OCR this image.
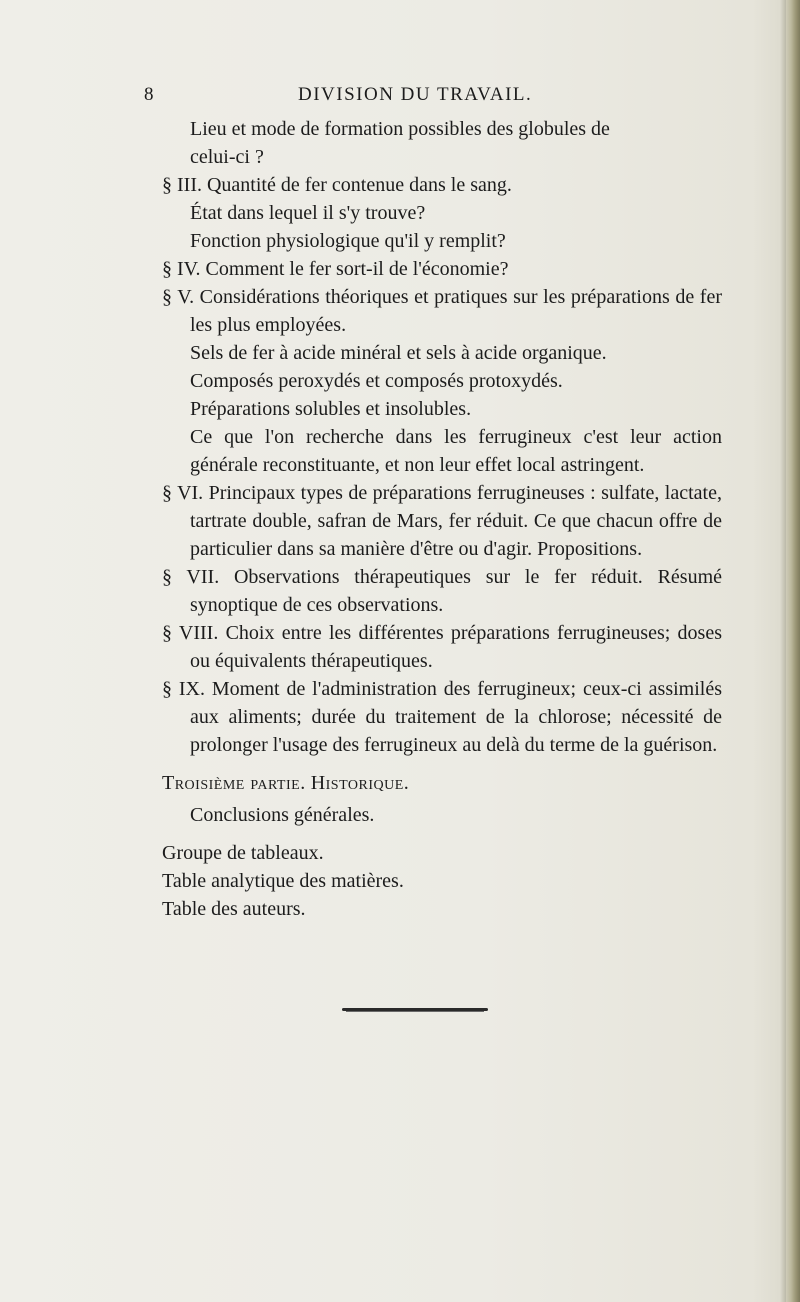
8	DIVISION DU TRAVAIL.

Lieu et mode de formation possibles des globules de
celui-ci ?

§ III. Quantité de fer contenue dans le sang.

État dans lequel il s'y trouve?

Fonction physiologique qu'il y remplit?

§ IV. Comment le fer sort-il de l'économie?

§ V. Considérations théoriques et pratiques sur les préparations de fer les plus employées.

Sels de fer à acide minéral et sels à acide organique.

Composés peroxydés et composés protoxydés.

Préparations solubles et insolubles.

Ce que l'on recherche dans les ferrugineux c'est leur action générale reconstituante, et non leur effet local astringent.

§ VI. Principaux types de préparations ferrugineuses : sulfate, lactate, tartrate double, safran de Mars, fer réduit. Ce que chacun offre de particulier dans sa manière d'être ou d'agir. Propositions.

§ VII. Observations thérapeutiques sur le fer réduit. Résumé synoptique de ces observations.

§ VIII. Choix entre les différentes préparations ferrugineuses; doses ou équivalents thérapeutiques.

§ IX. Moment de l'administration des ferrugineux; ceux-ci assimilés aux aliments; durée du traitement de la chlorose; nécessité de prolonger l'usage des ferrugineux au delà du terme de la guérison.

Troisième partie. Historique.

Conclusions générales.

Groupe de tableaux.

Table analytique des matières.

Table des auteurs.
